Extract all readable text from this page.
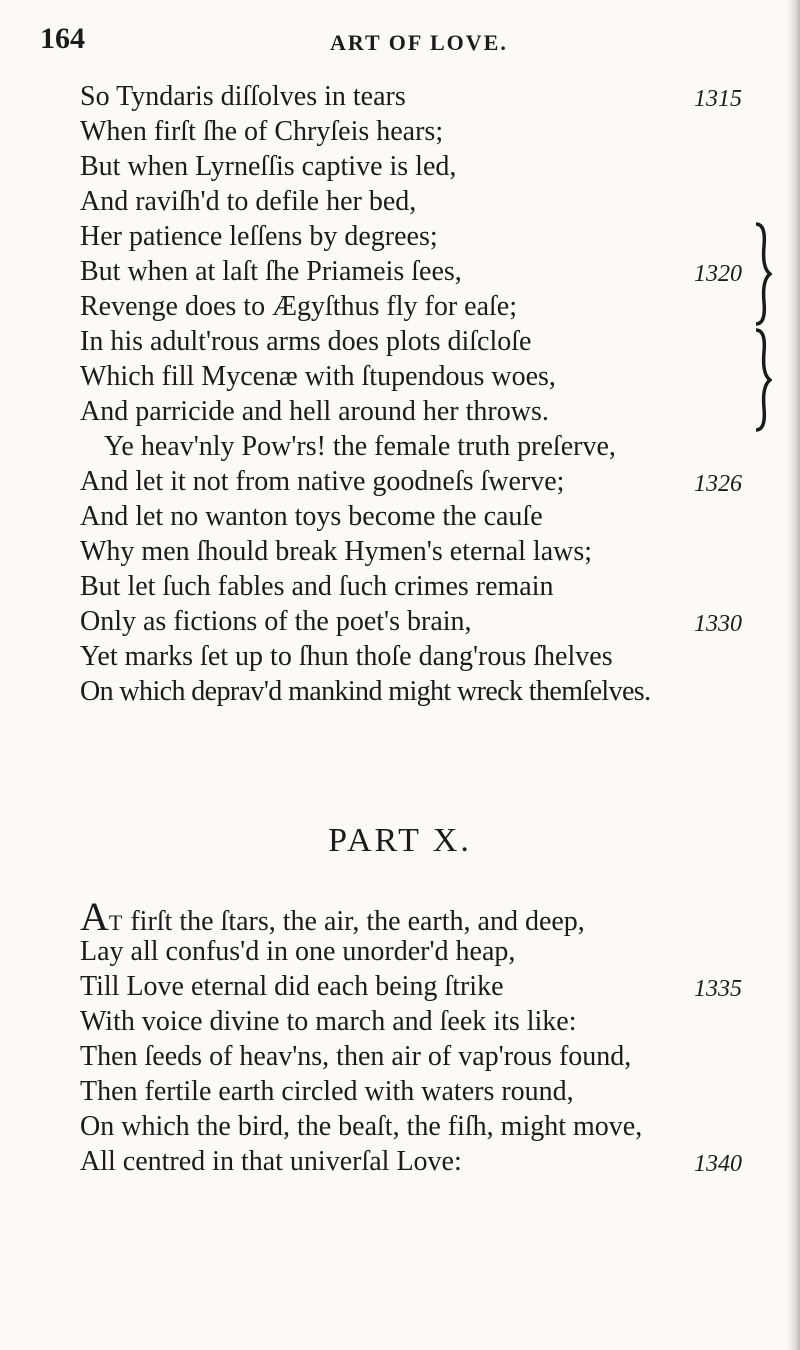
164	ART OF LOVE.
So Tyndaris diſſolves in tears	1315
When firſt ſhe of Chryſeis hears;
But when Lyrneſſis captive is led,
And raviſh'd to defile her bed,
Her patience leſſens by degrees;
But when at laſt ſhe Priameis ſees,	1320
Revenge does to Ægyſthus fly for eaſe;
In his adult'rous arms does plots diſcloſe
Which fill Mycenæ with ſtupendous woes,
And parricide and hell around her throws.
Ye heav'nly Pow'rs! the female truth preſerve,
And let it not from native goodneſs ſwerve;	1326
And let no wanton toys become the cauſe
Why men ſhould break Hymen's eternal laws;
But let ſuch fables and ſuch crimes remain
Only as fictions of the poet's brain,	1330
Yet marks ſet up to ſhun thoſe dang'rous ſhelves
On which deprav'd mankind might wreck themſelves.
PART X.
AT firſt the ſtars, the air, the earth, and deep,
Lay all confus'd in one unorder'd heap,
Till Love eternal did each being ſtrike	1335
With voice divine to march and ſeek its like:
Then ſeeds of heav'ns, then air of vap'rous found,
Then fertile earth circled with waters round,
On which the bird, the beaſt, the fiſh, might move,
All centred in that univerſal Love:	1340
